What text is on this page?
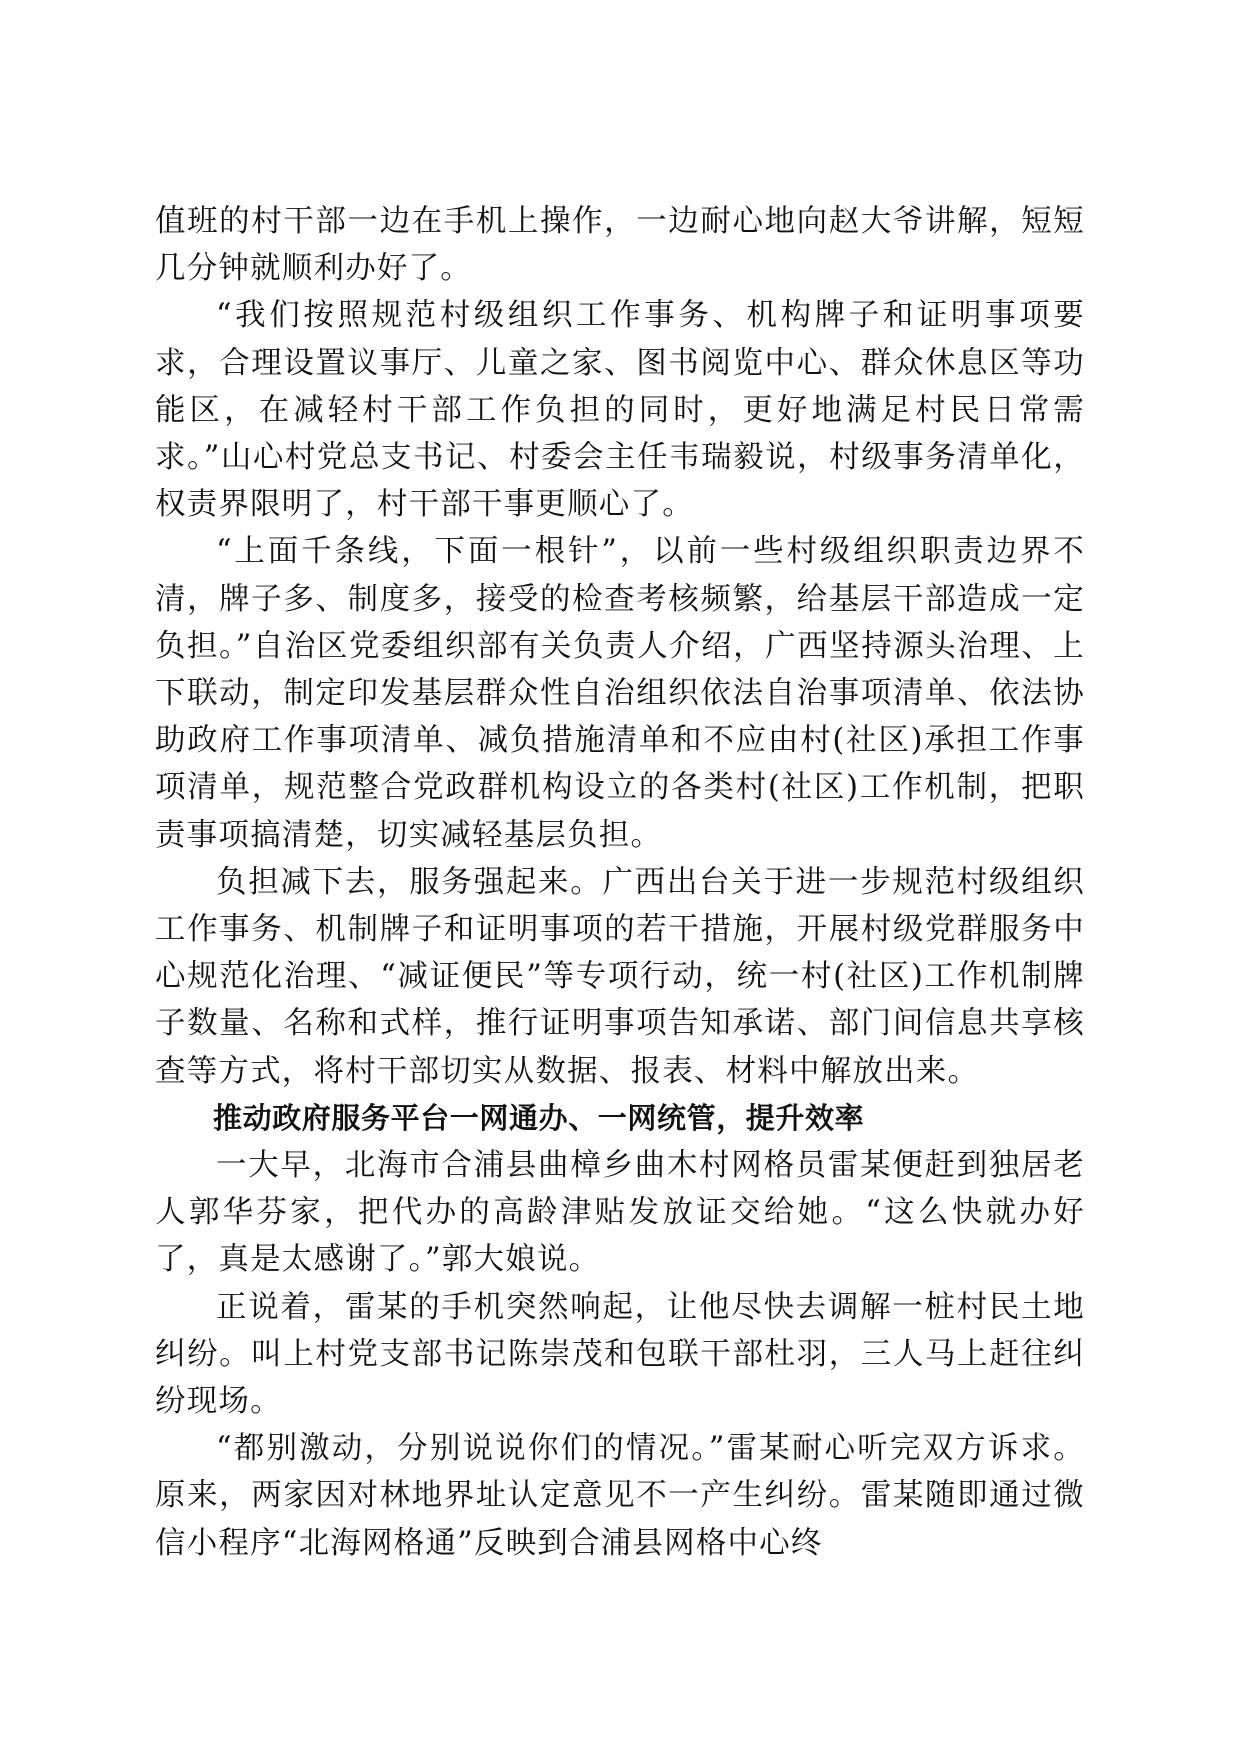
值班的村干部一边在手机上操作，一边耐心地向赵大爷讲解，短短几分钟就顺利办好了。

“我们按照规范村级组织工作事务、机构牌子和证明事项要求，合理设置议事厅、儿童之家、图书阅览中心、群众休息区等功能区，在减轻村干部工作负担的同时，更好地满足村民日常需求。”山心村党总支书记、村委会主任韦瑞毅说，村级事务清单化，权责界限明了，村干部干事更顺心了。

“上面千条线，下面一根针”，以前一些村级组织职责边界不清，牌子多、制度多，接受的检查考核频繁，给基层干部造成一定负担。”自治区党委组织部有关负责人介绍，广西坚持源头治理、上下联动，制定印发基层群众性自治组织依法自治事项清单、依法协助政府工作事项清单、减负措施清单和不应由村(社区)承担工作事项清单，规范整合党政群机构设立的各类村(社区)工作机制，把职责事项搞清楚，切实减轻基层负担。

负担减下去，服务强起来。广西出台关于进一步规范村级组织工作事务、机制牌子和证明事项的若干措施，开展村级党群服务中心规范化治理、“减证便民”等专项行动，统一村(社区)工作机制牌子数量、名称和式样，推行证明事项告知承诺、部门间信息共享核查等方式，将村干部切实从数据、报表、材料中解放出来。

推动政府服务平台一网通办、一网统管，提升效率

一大早，北海市合浦县曲樟乡曲木村网格员雷某便赶到独居老人郭华芬家，把代办的高龄津贴发放证交给她。“这么快就办好了，真是太感谢了。”郭大娘说。

正说着，雷某的手机突然响起，让他尽快去调解一桩村民土地纠纷。叫上村党支部书记陈崇茂和包联干部杜羽，三人马上赶往纠纷现场。

“都别激动，分别说说你们的情况。”雷某耐心听完双方诉求。原来，两家因对林地界址认定意见不一产生纠纷。雷某随即通过微信小程序“北海网格通”反映到合浦县网格中心终
